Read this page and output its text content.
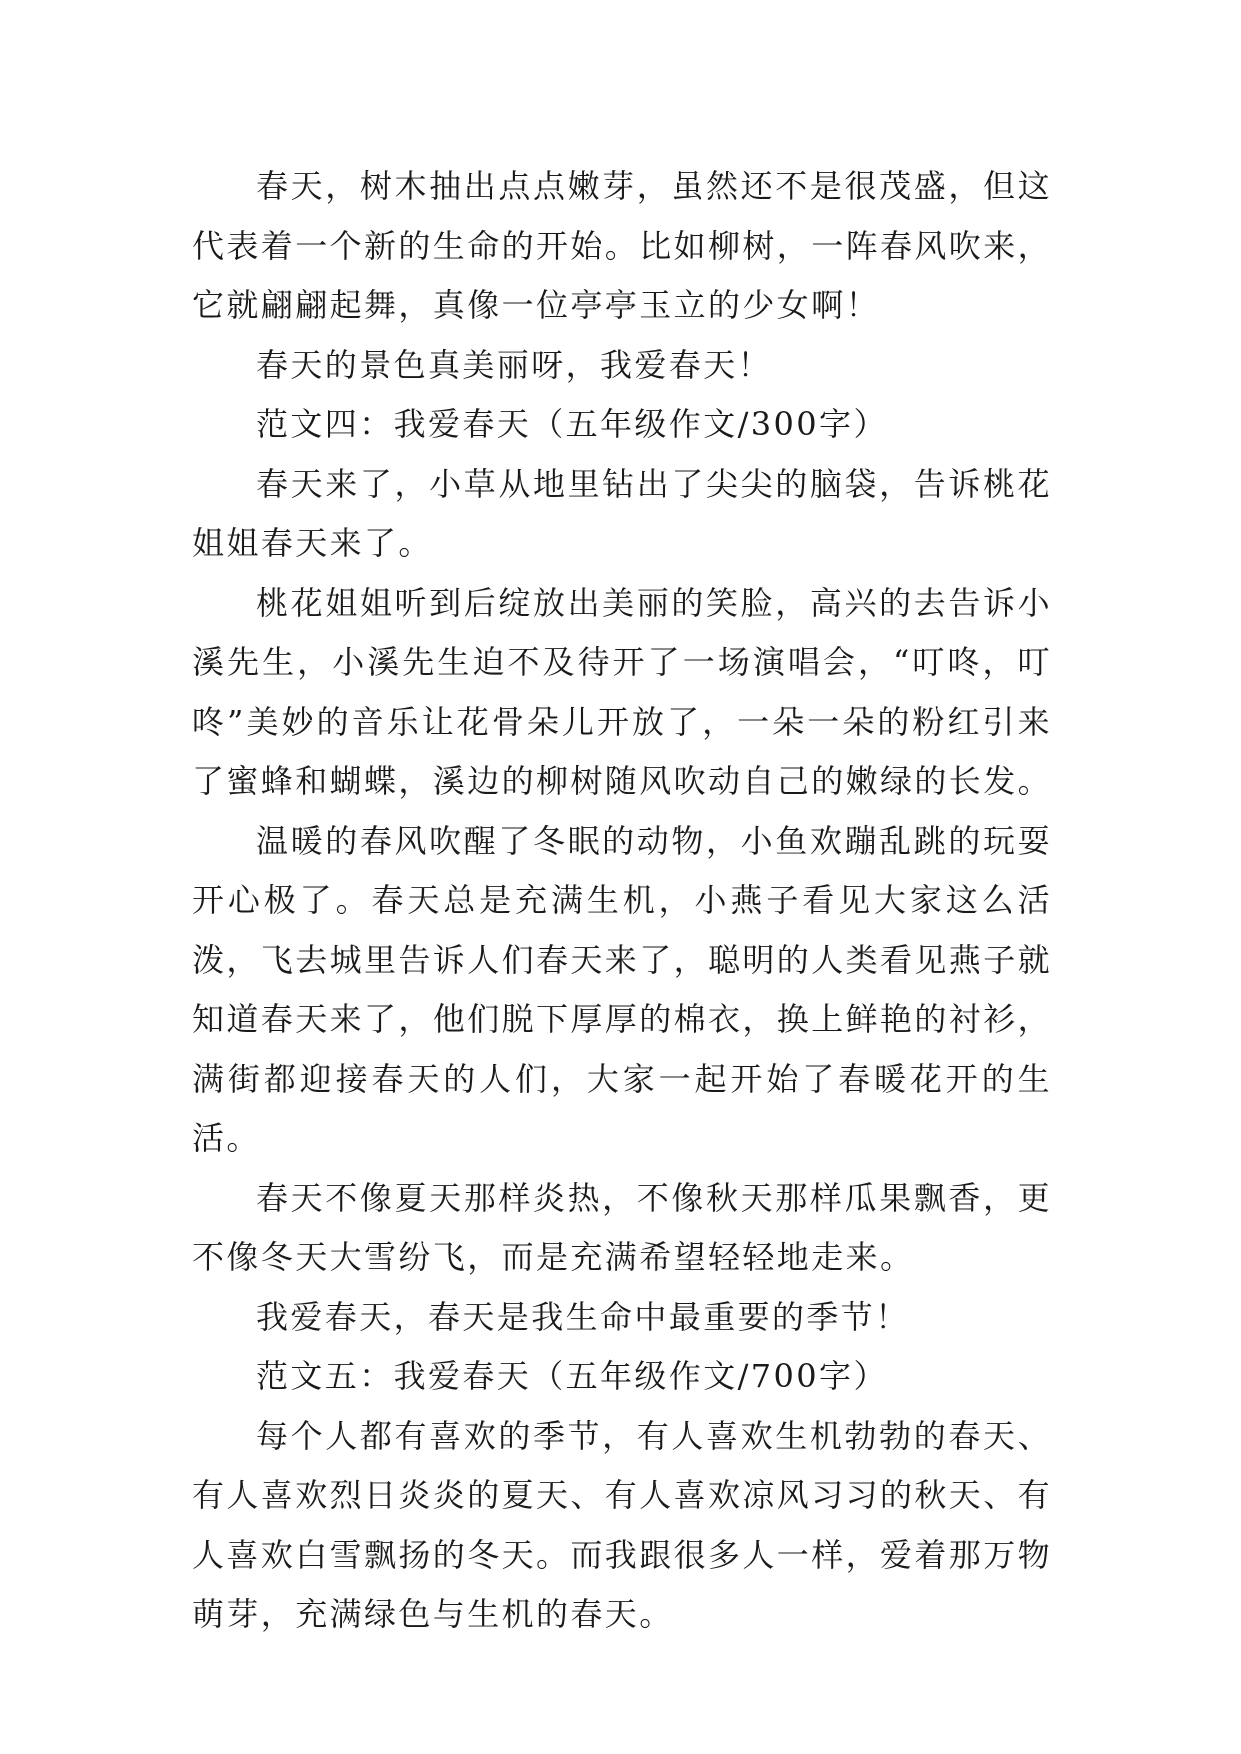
春天，树木抽出点点嫩芽，虽然还不是很茂盛，但这代表着一个新的生命的开始。比如柳树，一阵春风吹来，它就翩翩起舞，真像一位亭亭玉立的少女啊！

春天的景色真美丽呀，我爱春天！

范文四：我爱春天（五年级作文/300字）

春天来了，小草从地里钻出了尖尖的脑袋，告诉桃花姐姐春天来了。

桃花姐姐听到后绽放出美丽的笑脸，高兴的去告诉小溪先生，小溪先生迫不及待开了一场演唱会，“叮咚，叮咚”美妙的音乐让花骨朵儿开放了，一朵一朵的粉红引来了蜜蜂和蝴蝶，溪边的柳树随风吹动自己的嫩绿的长发。

温暖的春风吹醒了冬眠的动物，小鱼欢蹦乱跳的玩耍开心极了。春天总是充满生机，小燕子看见大家这么活泼，飞去城里告诉人们春天来了，聪明的人类看见燕子就知道春天来了，他们脱下厚厚的棉衣，换上鲜艳的衬衫，满街都迎接春天的人们，大家一起开始了春暖花开的生活。

春天不像夏天那样炎热，不像秋天那样瓜果飘香，更不像冬天大雪纷飞，而是充满希望轻轻地走来。

我爱春天，春天是我生命中最重要的季节！

范文五：我爱春天（五年级作文/700字）

每个人都有喜欢的季节，有人喜欢生机勃勃的春天、有人喜欢烈日炎炎的夏天、有人喜欢凉风习习的秋天、有人喜欢白雪飘扬的冬天。而我跟很多人一样，爱着那万物萌芽，充满绿色与生机的春天。
